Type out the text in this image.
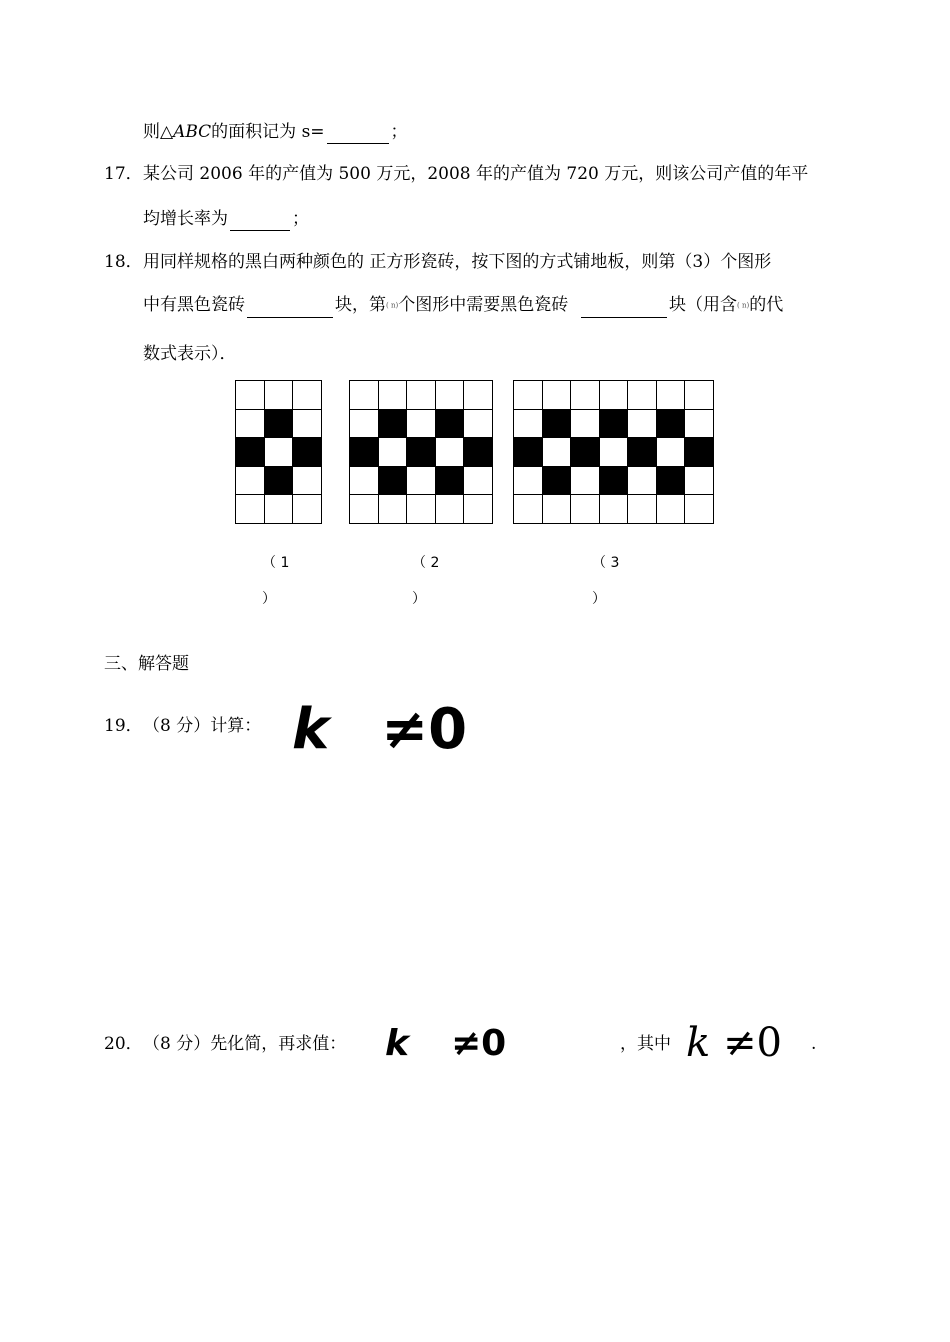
则△ABC的面积记为 s=	；
17． 某公司 2006 年的产值为 500 万元，2008 年的产值为 720 万元，则该公司产值的年平
均增长率为	；
18． 用同样规格的黑白两种颜色的 正方形瓷砖，按下图的方式铺地板，则第（3）个图形
中有黑色瓷砖	块，第( n)个图形中需要黑色瓷砖	块（用含( n)的代
数式表示）．

（ 1
）
（ 2
）
（ 3
）
三、解答题
19． （8 分）计算： k ≠0
20． （8 分）先化简，再求值： k ≠0	，其中 k ≠0 .
